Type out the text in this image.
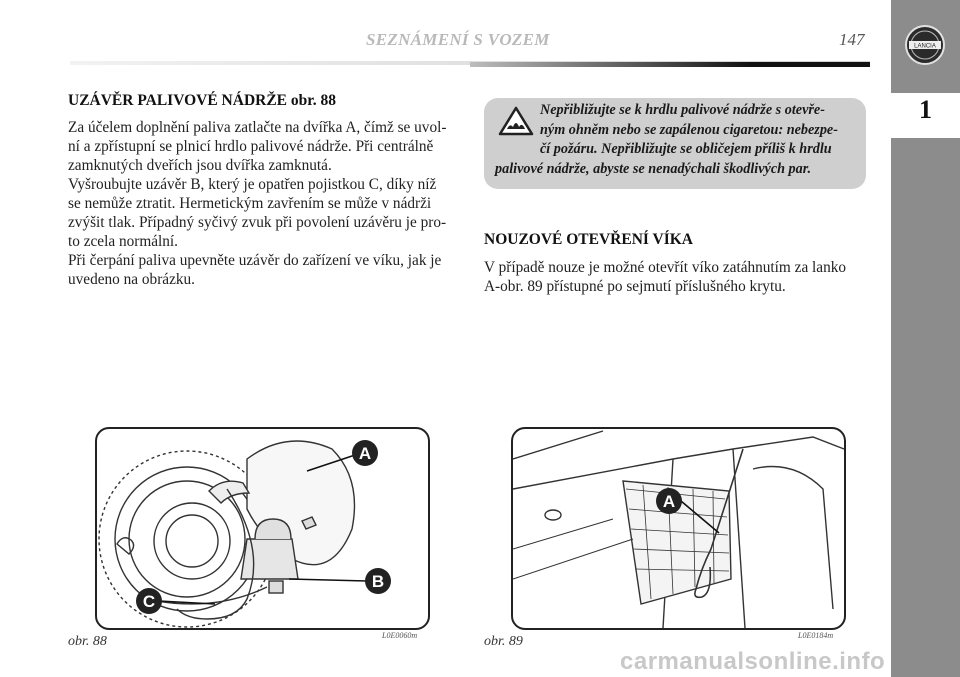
SEZNÁMENÍ S VOZEM	147	LANCIA
1
UZÁVĚR PALIVOVÉ NÁDRŽE obr. 88

Za účelem doplnění paliva zatlačte na dvířka A, čímž se uvol-

ní a zpřístupní se plnicí hrdlo palivové nádrže. Při centrálně

zamknutých dveřích jsou dvířka zamknutá.

Vyšroubujte uzávěr B, který je opatřen pojistkou C, díky níž

se nemůže ztratit. Hermetickým zavřením se může v nádrži

zvýšit tlak. Případný syčivý zvuk při povolení uzávěru je pro-

to zcela normální.

Při čerpání paliva upevněte uzávěr do zařízení ve víku, jak je

uvedeno na obrázku.

Nepřibližujte se k hrdlu palivové nádrže s otevře-
ným ohněm nebo se zapálenou cigaretou: nebezpe-
čí požáru. Nepřibližujte se obličejem příliš k hrdlu
palivové nádrže, abyste se nenadýchali škodlivých par.
NOUZOVÉ OTEVŘENÍ VÍKA

V případě nouze je možné otevřít víko zatáhnutím za lanko

A-obr. 89 přístupné po sejmutí příslušného krytu.

A
B
C
obr. 88	L0E0060m
A
obr. 89	L0E0184m
carmanualsonline.info
